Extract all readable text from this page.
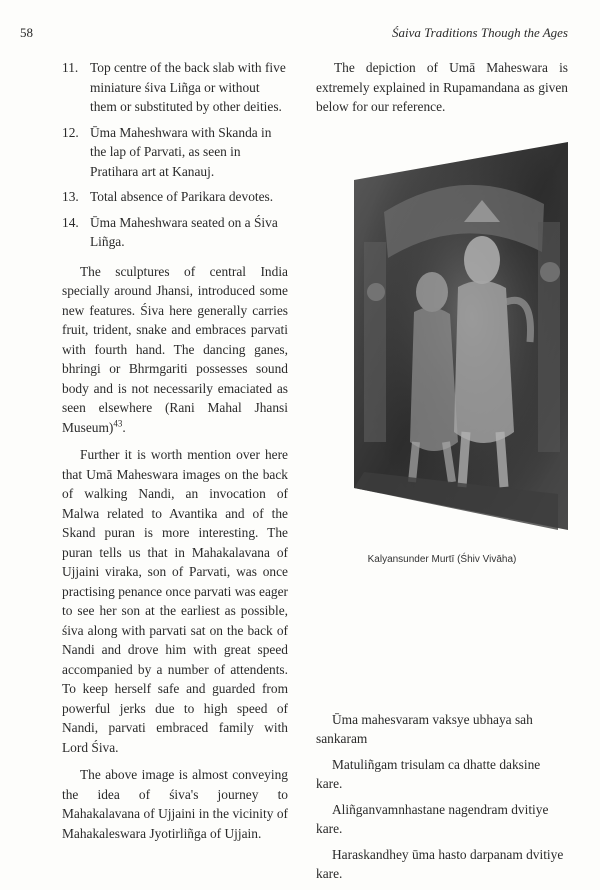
58	Śaiva Traditions Though the Ages
11. Top centre of the back slab with five miniature śiva Liñga or without them or substituted by other deities.
12. Ūma Maheshwara with Skanda in the lap of Parvati, as seen in Pratihara art at Kanauj.
13. Total absence of Parikara devotes.
14. Ūma Maheshwara seated on a Śiva Liñga.

The sculptures of central India specially around Jhansi, introduced some new features. Śiva here generally carries fruit, trident, snake and embraces parvati with fourth hand. The dancing ganes, bhringi or Bhrmgariti possesses sound body and is not necessarily emaciated as seen elsewhere (Rani Mahal Jhansi Museum)$^{43}$.

Further it is worth mention over here that Umā Maheswara images on the back of walking Nandi, an invocation of Malwa related to Avantika and of the Skand puran is more interesting. The puran tells us that in Mahakalavana of Ujjaini viraka, son of Parvati, was once practising penance once parvati was eager to see her son at the earliest as possible, śiva along with parvati sat on the back of Nandi and drove him with great speed accompanied by a number of attendents. To keep herself safe and guarded from powerful jerks due to high speed of Nandi, parvati embraced family with Lord Śiva.

The above image is almost conveying the idea of śiva's journey to Mahakalavana of Ujjaini in the vicinity of Mahakaleswara Jyotirliñga of Ujjain.

The depiction of Umā Maheswara is extremely explained in Rupamandana as given below for our reference.

Kalyansunder Murtī (Śhiv Vivāha)

Ūma mahesvaram vaksye ubhaya sah sankaram

Matuliñgam trisulam ca dhatte daksine kare.

Aliñganvamnhastane nagendram dvitiye kare.

Haraskandhey ūma hasto darpanam dvitiye kare.
